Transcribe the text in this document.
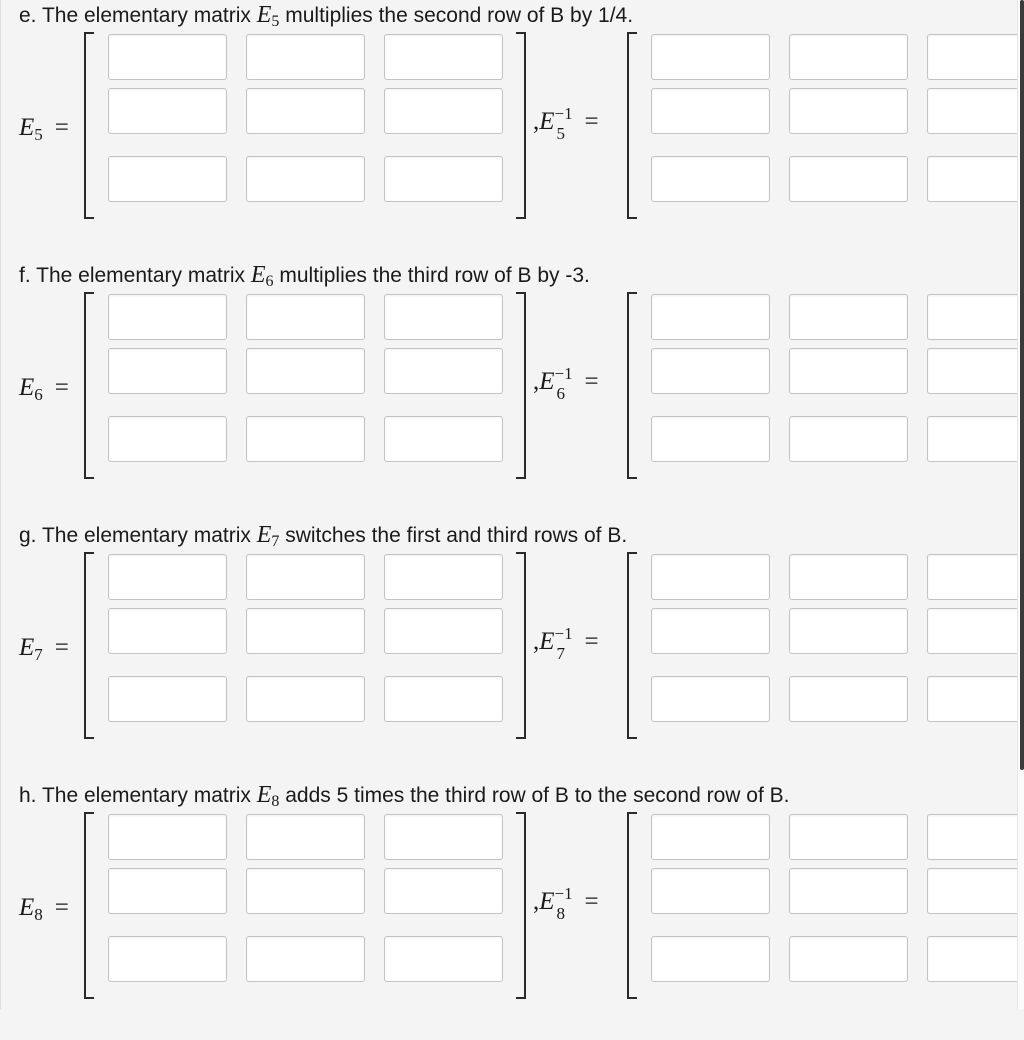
e. The elementary matrix $E_5$ multiplies the second row of B by 1/4.
$E_5$ =	,E −1
5 =
f. The elementary matrix $E_6$ multiplies the third row of B by -3.
$E_6$ =	,E −1
6 =
g. The elementary matrix $E_7$ switches the first and third rows of B.
$E_7$ =	,E −1
7 =
h. The elementary matrix $E_8$ adds 5 times the third row of B to the second row of B.
$E_8$ =	,E −1
8 =
